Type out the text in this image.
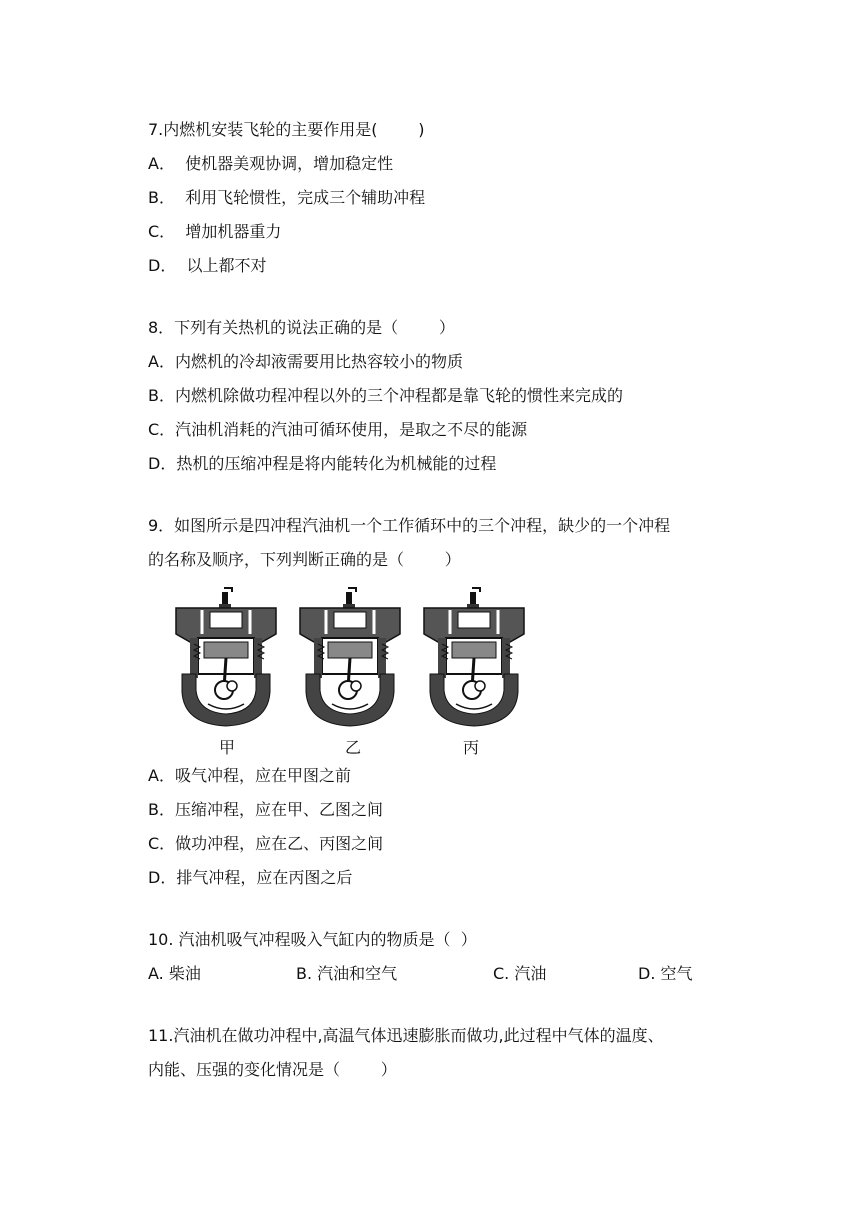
7.内燃机安装飞轮的主要作用是(        )
A．  使机器美观协调，增加稳定性
B．  利用飞轮惯性，完成三个辅助冲程
C．  增加机器重力
D．  以上都不对
8．下列有关热机的说法正确的是（        ）
A．内燃机的冷却液需要用比热容较小的物质
B．内燃机除做功程冲程以外的三个冲程都是靠飞轮的惯性来完成的
C．汽油机消耗的汽油可循环使用，是取之不尽的能源
D．热机的压缩冲程是将内能转化为机械能的过程
9．如图所示是四冲程汽油机一个工作循环中的三个冲程，缺少的一个冲程
的名称及顺序，下列判断正确的是（        ）
甲	乙	丙
A．吸气冲程，应在甲图之前
B．压缩冲程，应在甲、乙图之间
C．做功冲程，应在乙、丙图之间
D．排气冲程，应在丙图之后
10. 汽油机吸气冲程吸入气缸内的物质是（  ）
A. 柴油	B. 汽油和空气	C. 汽油	D. 空气
11.汽油机在做功冲程中,高温气体迅速膨胀而做功,此过程中气体的温度、
内能、压强的变化情况是（        ）
